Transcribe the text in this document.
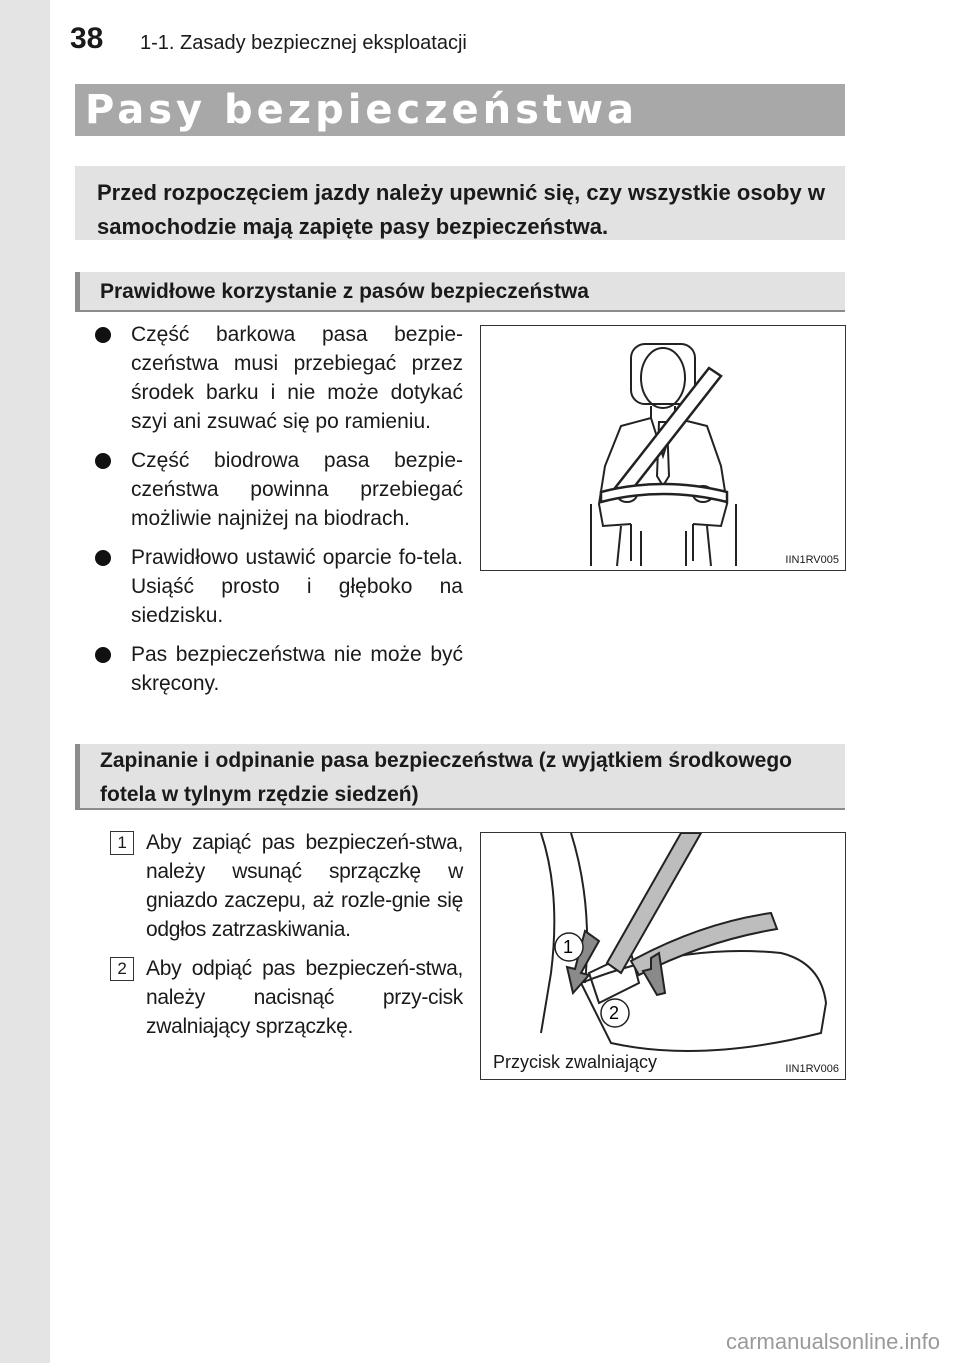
38 1-1. Zasady bezpiecznej eksploatacji
Pasy bezpieczeństwa
Przed rozpoczęciem jazdy należy upewnić się, czy wszystkie osoby w samochodzie mają zapięte pasy bezpieczeństwa.
Prawidłowe korzystanie z pasów bezpieczeństwa
Część barkowa pasa bezpie-czeństwa musi przebiegać przez środek barku i nie może dotykać szyi ani zsuwać się po ramieniu.
Część biodrowa pasa bezpie-czeństwa powinna przebiegać możliwie najniżej na biodrach.
Prawidłowo ustawić oparcie fo-tela. Usiąść prosto i głęboko na siedzisku.
Pas bezpieczeństwa nie może być skręcony.
IIN1RV005
Zapinanie i odpinanie pasa bezpieczeństwa (z wyjątkiem środkowego fotela w tylnym rzędzie siedzeń)
1 Aby zapiąć pas bezpieczeń-stwa, należy wsunąć sprzączkę w gniazdo zaczepu, aż rozle-gnie się odgłos zatrzaskiwania.
2 Aby odpiąć pas bezpieczeń-stwa, należy nacisnąć przy-cisk zwalniający sprzączkę.
1
2
Przycisk zwalniający	IIN1RV006
carmanualsonline.info
